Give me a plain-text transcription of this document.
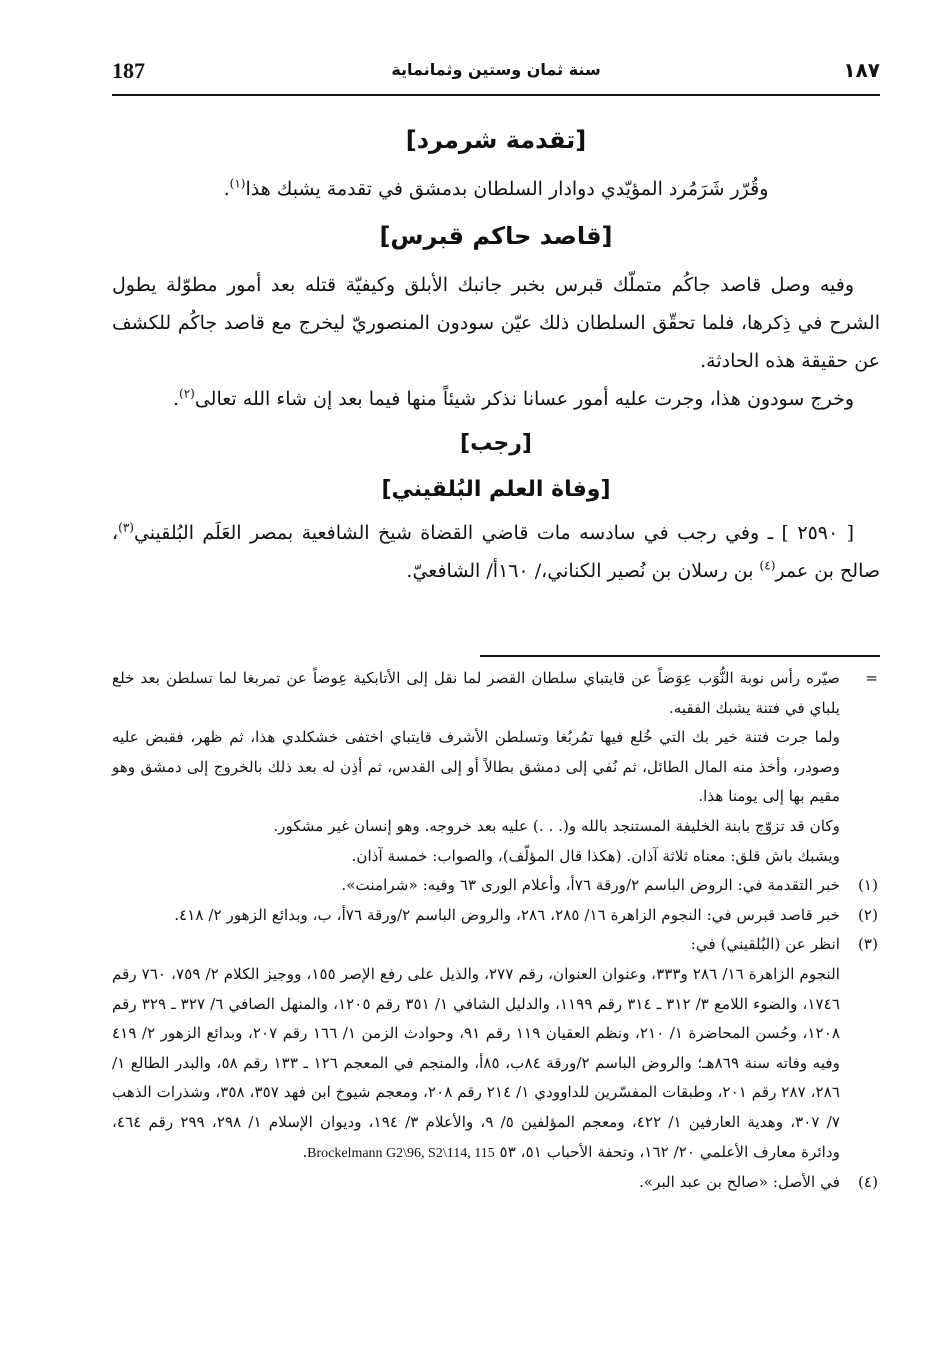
187	سنة ثمان وستين وثمانماية	١٨٧
[تقدمة شرمرد]

وقُرّر شَرَمُرد المؤيّدي دوادار السلطان بدمشق في تقدمة يشبك هذا$^{(١)}$.

[قاصد حاكم قبرس]

وفيه وصل قاصد جاكُم متملّك قبرس بخبر جانبك الأبلق وكيفيّة قتله بعد أمور مطوّلة يطول الشرح في ذِكرها، فلما تحقّق السلطان ذلك عيّن سودون المنصوريّ ليخرج مع قاصد جاكُم للكشف عن حقيقة هذه الحادثة.

وخرج سودون هذا، وجرت عليه أمور عسانا نذكر شيئاً منها فيما بعد إن شاء الله تعالى$^{(٢)}$.

[رجب]
[وفاة العلم البُلقيني]

[ ٢٥٩٠ ] ـ وفي رجب في سادسه مات قاضي القضاة شيخ الشافعية بمصر العَلَم البُلقيني$^{(٣)}$، صالح بن عمر$^{(٤)}$ بن رسلان بن نُصير الكناني،/ ١٦٠أ/ الشافعيّ.

=
صيّره رأس نوبة النُّوَب عِوَضاً عن قايتباي سلطان القصر لما نقل إلى الأتابكية عِوضاً عن تمربغا لما تسلطن بعد خلع يلباي في فتنة يشبك الفقيه.

ولما جرت فتنة خير بك التي خُلع فيها تمُربُغا وتسلطن الأشرف قايتباي اختفى خشكلدي هذا، ثم ظهر، فقبض عليه وصودر، وأخذ منه المال الطائل، ثم نُفي إلى دمشق بطالاً أو إلى القدس، ثم أذِن له بعد ذلك بالخروج إلى دمشق وهو مقيم بها إلى يومنا هذا.

وكان قد تزوّج بابنة الخليفة المستنجد بالله و(. . .) عليه بعد خروجه. وهو إنسان غير مشكور.

ويشبك باش قلق: معناه ثلاثة آذان. (هكذا قال المؤلّف)، والصواب: خمسة آذان.

(١)
خبر التقدمة في: الروض الباسم ٢/ورقة ٧٦أ، وأعلام الورى ٦٣ وفيه: «شرامنت».

(٢)
خبر قاصد قبرس في: النجوم الزاهرة ١٦/ ٢٨٥، ٢٨٦، والروض الباسم ٢/ورقة ٧٦أ، ب، وبدائع الزهور ٢/ ٤١٨.

(٣)
انظر عن (البُلقيني) في:

النجوم الزاهرة ١٦/ ٢٨٦ و٣٣٣، وعنوان العنوان، رقم ٢٧٧، والذيل على رفع الإصر ١٥٥، ووجيز الكلام ٢/ ٧٥٩، ٧٦٠ رقم ١٧٤٦، والضوء اللامع ٣/ ٣١٢ ـ ٣١٤ رقم ١١٩٩، والدليل الشافي ١/ ٣٥١ رقم ١٢٠٥، والمنهل الصافي ٦/ ٣٢٧ ـ ٣٢٩ رقم ١٢٠٨، وحُسن المحاضرة ١/ ٢١٠، ونظم العقيان ١١٩ رقم ٩١، وحوادث الزمن ١/ ١٦٦ رقم ٢٠٧، وبدائع الزهور ٢/ ٤١٩ وفيه وفاته سنة ٨٦٩هـ؛ والروض الباسم ٢/ورقة ٨٤ب، ٨٥أ، والمنجم في المعجم ١٢٦ ـ ١٣٣ رقم ٥٨، والبدر الطالع ١/ ٢٨٦، ٢٨٧ رقم ٢٠١، وطبقات المفسّرين للداوودي ١/ ٢١٤ رقم ٢٠٨، ومعجم شيوخ ابن فهد ٣٥٧، ٣٥٨، وشذرات الذهب ٧/ ٣٠٧، وهدية العارفين ١/ ٤٢٢، ومعجم المؤلفين ٥/ ٩، والأعلام ٣/ ١٩٤، وديوان الإسلام ١/ ٢٩٨، ٢٩٩ رقم ٤٦٤، ودائرة معارف الأعلمي ٢٠/ ١٦٢، وتحفة الأحباب ٥١، ٥٣ Brockelmann G2\96, S2\114, 115.

(٤)
في الأصل: «صالح بن عبد البر».
